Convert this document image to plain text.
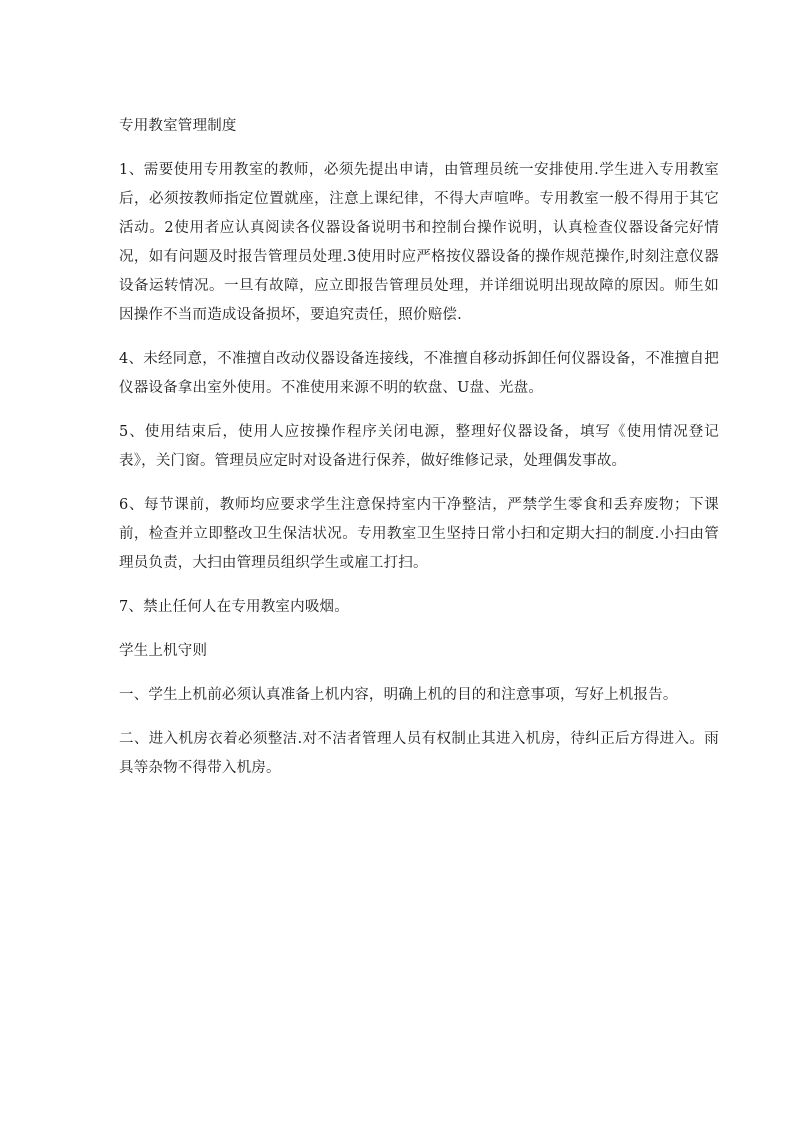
专用教室管理制度

1、需要使用专用教室的教师，必须先提出申请，由管理员统一安排使用.学生进入专用教室后，必须按教师指定位置就座，注意上课纪律，不得大声喧哗。专用教室一般不得用于其它活动。2使用者应认真阅读各仪器设备说明书和控制台操作说明，认真检查仪器设备完好情况，如有问题及时报告管理员处理.3使用时应严格按仪器设备的操作规范操作,时刻注意仪器设备运转情况。一旦有故障，应立即报告管理员处理，并详细说明出现故障的原因。师生如因操作不当而造成设备损坏，要追究责任，照价赔偿.

4、未经同意，不准擅自改动仪器设备连接线，不准擅自移动拆卸任何仪器设备，不准擅自把仪器设备拿出室外使用。不准使用来源不明的软盘、U盘、光盘。

5、使用结束后，使用人应按操作程序关闭电源，整理好仪器设备，填写《使用情况登记表》，关门窗。管理员应定时对设备进行保养，做好维修记录，处理偶发事故。

6、每节课前，教师均应要求学生注意保持室内干净整洁，严禁学生零食和丢弃废物；下课前，检查并立即整改卫生保洁状况。专用教室卫生坚持日常小扫和定期大扫的制度.小扫由管理员负责，大扫由管理员组织学生或雇工打扫。

7、禁止任何人在专用教室内吸烟。

学生上机守则

一、学生上机前必须认真准备上机内容，明确上机的目的和注意事项，写好上机报告。

二、进入机房衣着必须整洁.对不洁者管理人员有权制止其进入机房，待纠正后方得进入。雨具等杂物不得带入机房。
